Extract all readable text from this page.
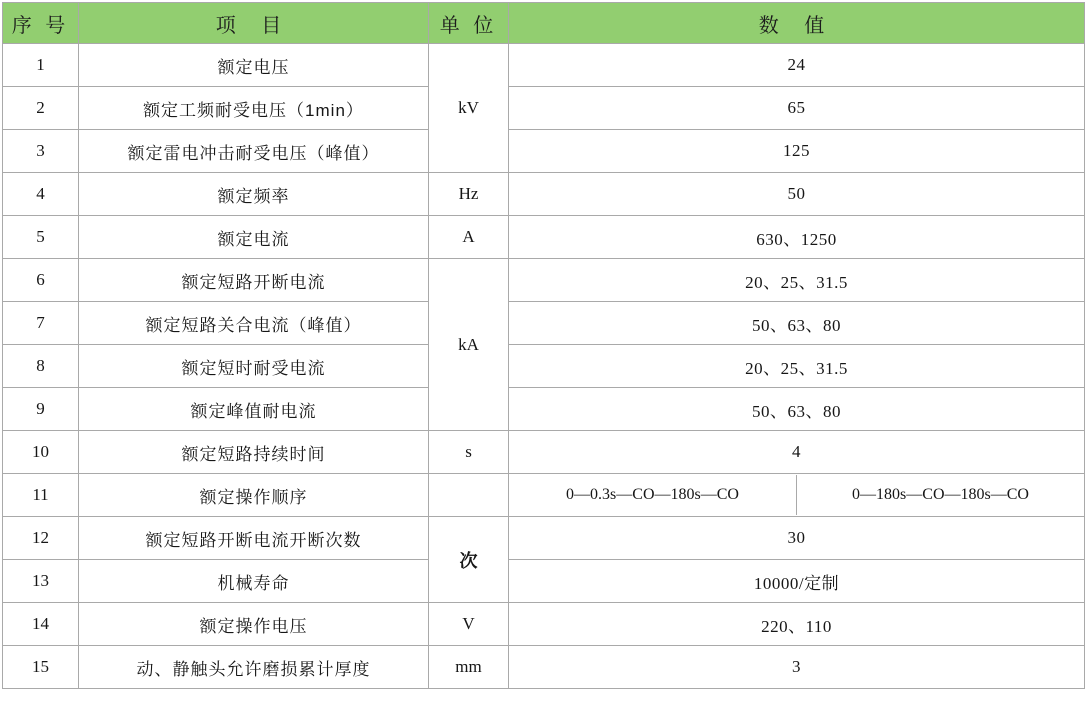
序 号	项 目	单 位	数 值
1	额定电压	kV	24
2	额定工频耐受电压（1min）	65
3	额定雷电冲击耐受电压（峰值）	125
4	额定频率	Hz	50
5	额定电流	A	630、1250
6	额定短路开断电流	kA	20、25、31.5
7	额定短路关合电流（峰值）	50、63、80
8	额定短时耐受电流	20、25、31.5
9	额定峰值耐电流	50、63、80
10	额定短路持续时间	s	4
11	额定操作顺序			0—0.3s—CO—180s—CO	0—180s—CO—180s—CO

12	额定短路开断电流开断次数	次	30
13	机械寿命	10000/定制
14	额定操作电压	V	220、110
15	动、静触头允许磨损累计厚度	mm	3
